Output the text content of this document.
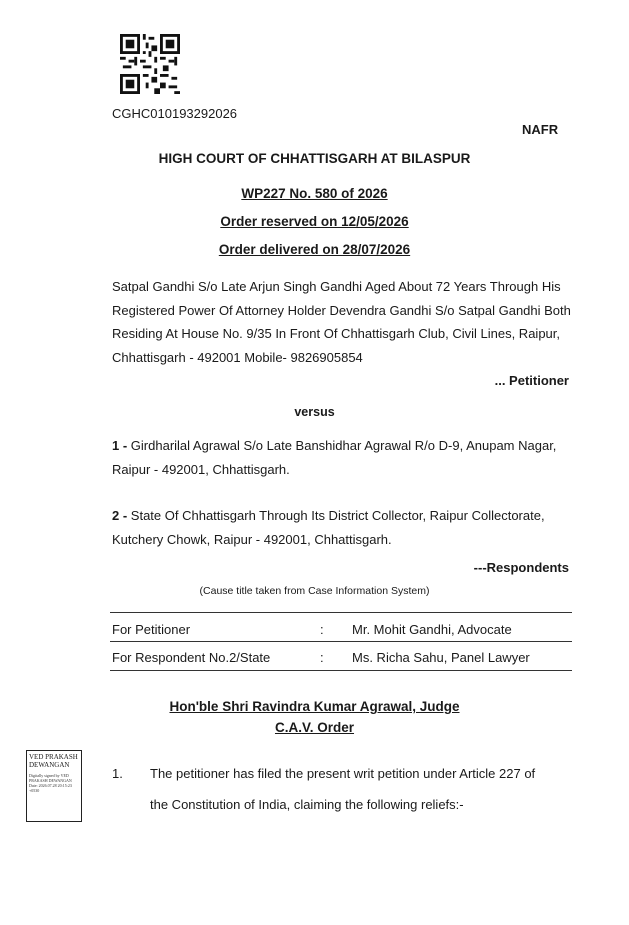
CGHC010193292026
NAFR
HIGH COURT OF CHHATTISGARH AT BILASPUR
WP227 No. 580 of 2026
Order reserved on 12/05/2026
Order delivered on 28/07/2026
Satpal Gandhi S/o Late Arjun Singh Gandhi Aged About 72 Years Through His Registered Power Of Attorney Holder Devendra Gandhi S/o Satpal Gandhi Both Residing At House No. 9/35 In Front Of Chhattisgarh Club, Civil Lines, Raipur, Chhattisgarh - 492001 Mobile- 9826905854
... Petitioner
versus
1 - Girdharilal Agrawal S/o Late Banshidhar Agrawal R/o D-9, Anupam Nagar, Raipur - 492001, Chhattisgarh.
2 - State Of Chhattisgarh Through Its District Collector, Raipur Collectorate, Kutchery Chowk, Raipur - 492001, Chhattisgarh.
---Respondents
(Cause title taken from Case Information System)
For Petitioner	: Mr. Mohit Gandhi, Advocate
For Respondent No.2/State	: Ms. Richa Sahu, Panel Lawyer
Hon'ble Shri Ravindra Kumar Agrawal, Judge
C.A.V. Order
VED PRAKASH DEWANGAN
Digitally signed by VED PRAKASH DEWANGAN Date: 2026.07.28 20:15:23 +0530
1. The petitioner has filed the present writ petition under Article 227 of
the Constitution of India, claiming the following reliefs:-
